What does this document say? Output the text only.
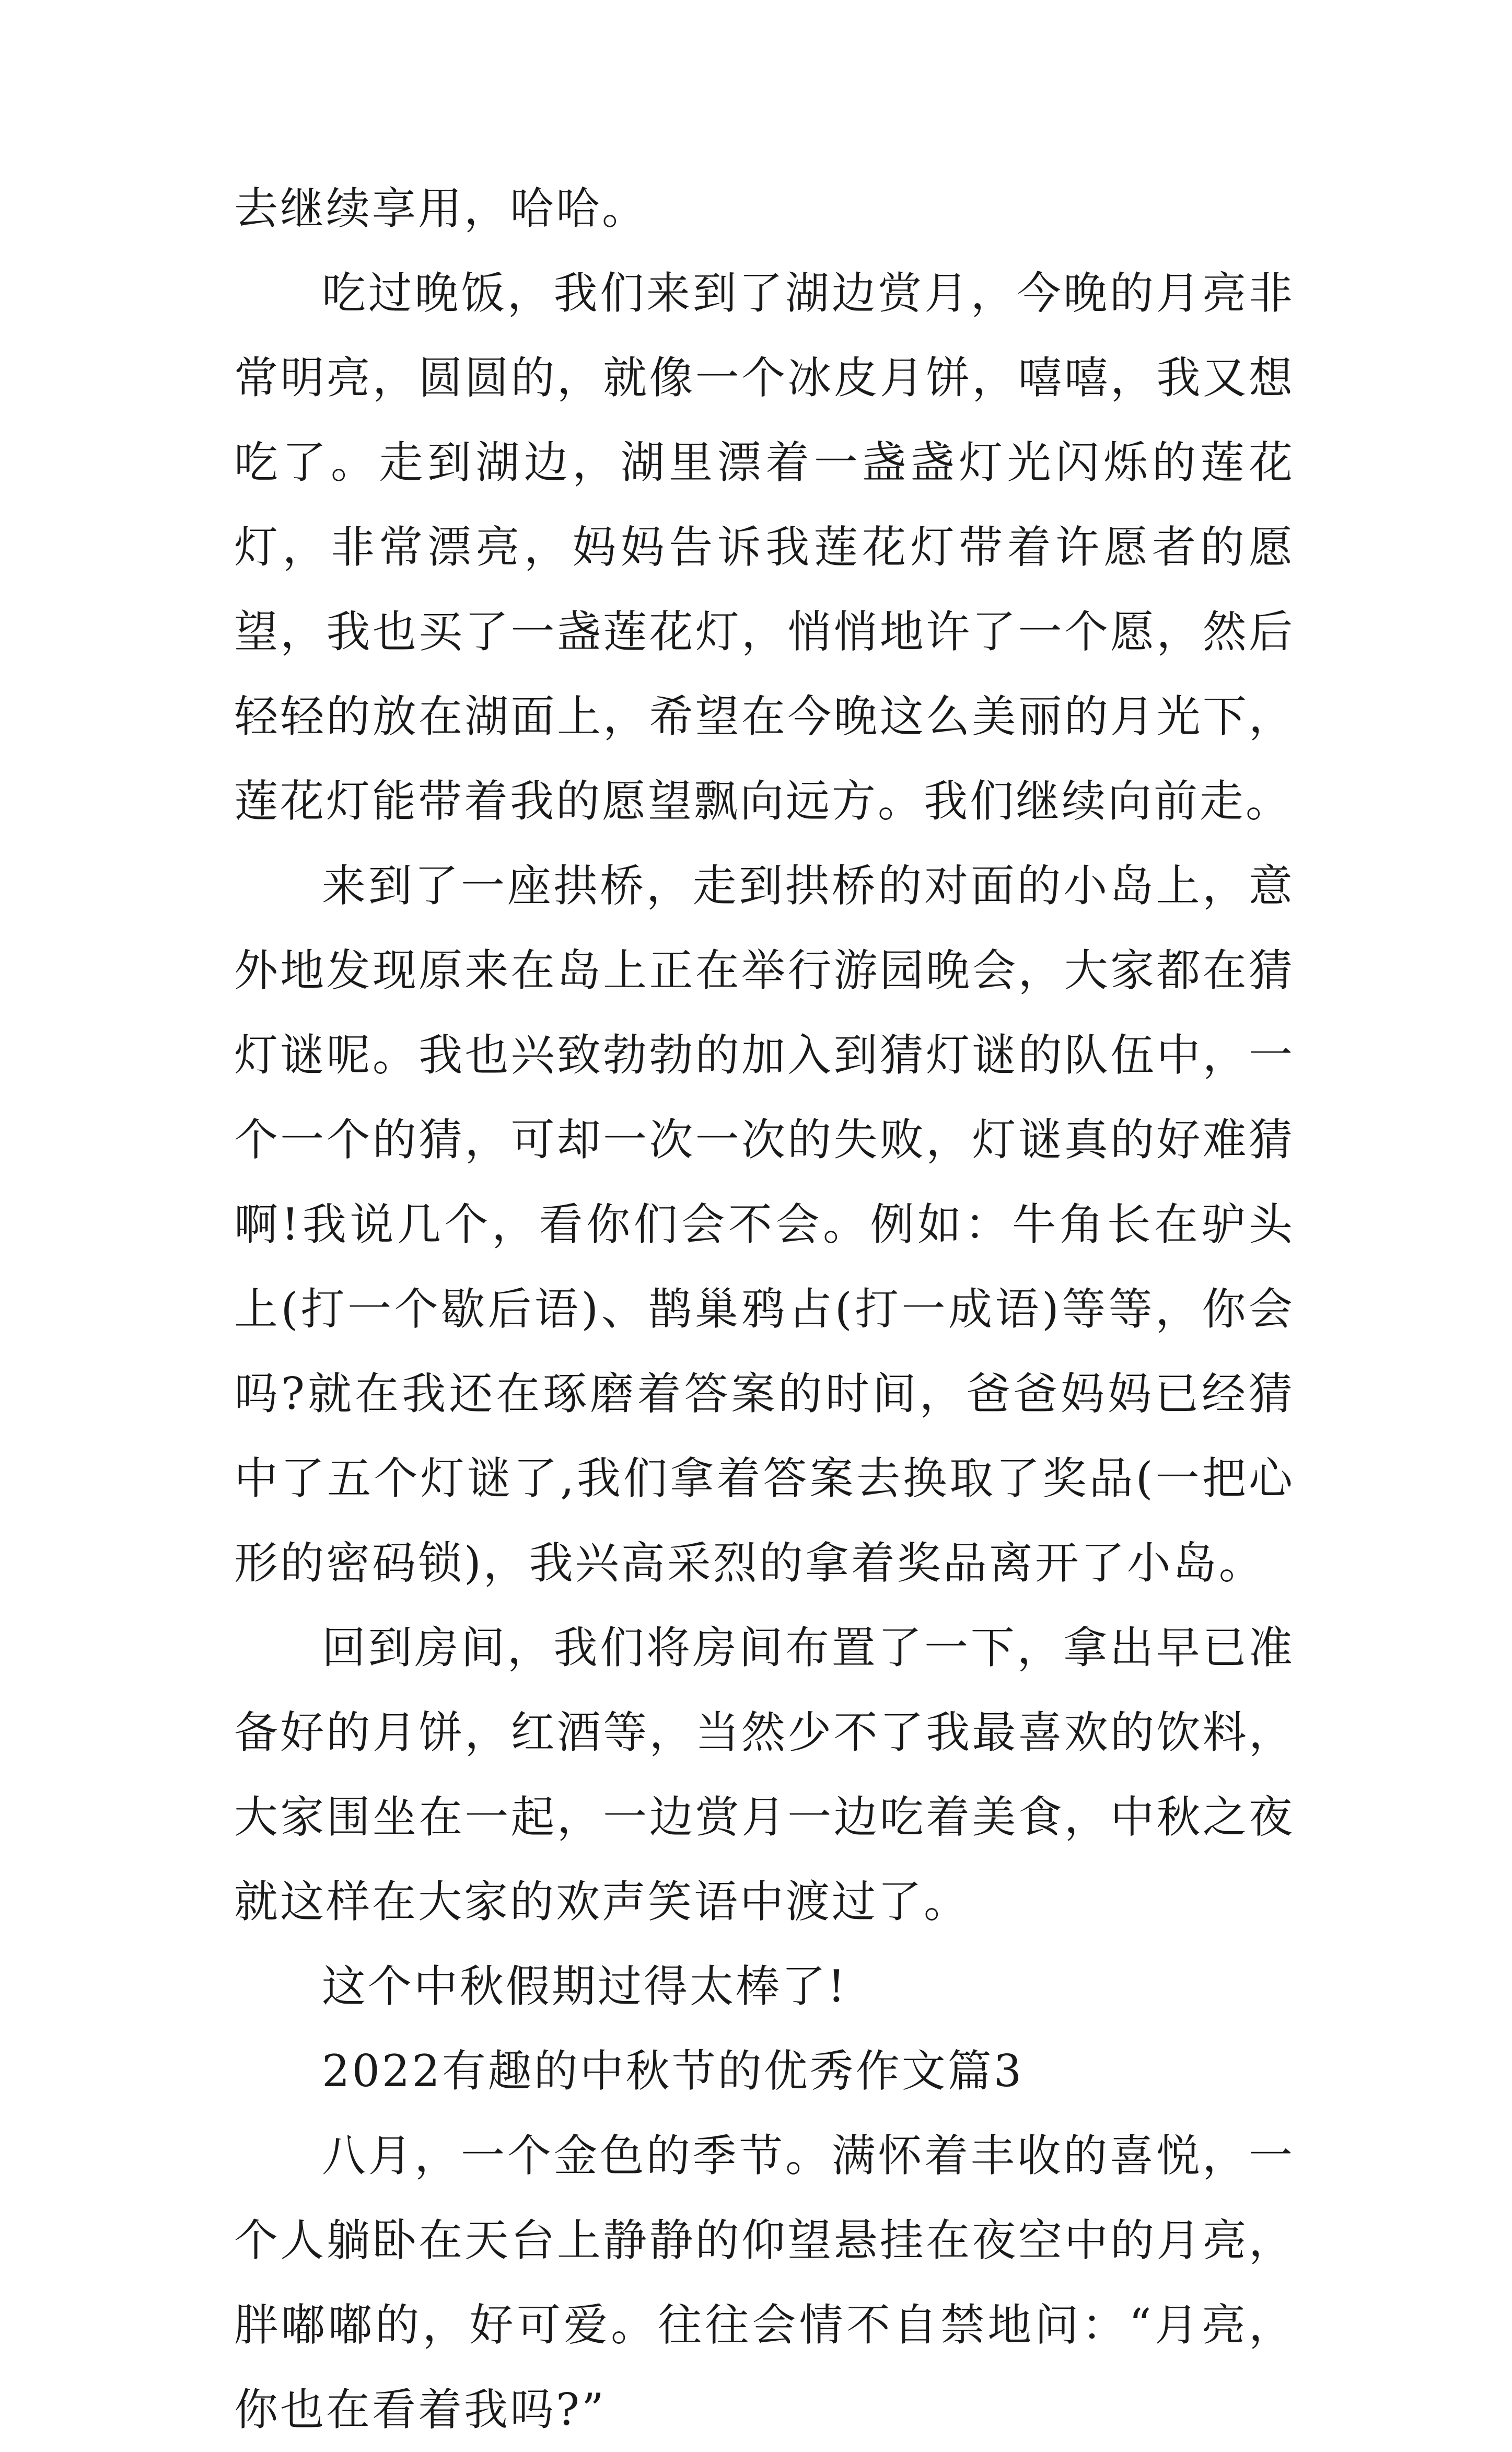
去继续享用，哈哈。

吃过晚饭，我们来到了湖边赏月，今晚的月亮非常明亮，圆圆的，就像一个冰皮月饼，嘻嘻，我又想吃了。走到湖边，湖里漂着一盏盏灯光闪烁的莲花灯，非常漂亮，妈妈告诉我莲花灯带着许愿者的愿望，我也买了一盏莲花灯，悄悄地许了一个愿，然后轻轻的放在湖面上，希望在今晚这么美丽的月光下，莲花灯能带着我的愿望飘向远方。我们继续向前走。

来到了一座拱桥，走到拱桥的对面的小岛上，意外地发现原来在岛上正在举行游园晚会，大家都在猜灯谜呢。我也兴致勃勃的加入到猜灯谜的队伍中，一个一个的猜，可却一次一次的失败，灯谜真的好难猜啊!我说几个，看你们会不会。例如：牛角长在驴头上(打一个歇后语)、鹊巢鸦占(打一成语)等等，你会吗?就在我还在琢磨着答案的时间，爸爸妈妈已经猜中了五个灯谜了,我们拿着答案去换取了奖品(一把心形的密码锁)，我兴高采烈的拿着奖品离开了小岛。

回到房间，我们将房间布置了一下，拿出早已准备好的月饼，红酒等，当然少不了我最喜欢的饮料，大家围坐在一起，一边赏月一边吃着美食，中秋之夜就这样在大家的欢声笑语中渡过了。

这个中秋假期过得太棒了!

2022有趣的中秋节的优秀作文篇3

八月，一个金色的季节。满怀着丰收的喜悦，一个人躺卧在天台上静静的仰望悬挂在夜空中的月亮，胖嘟嘟的，好可爱。往往会情不自禁地问：“月亮，你也在看着我吗?”
